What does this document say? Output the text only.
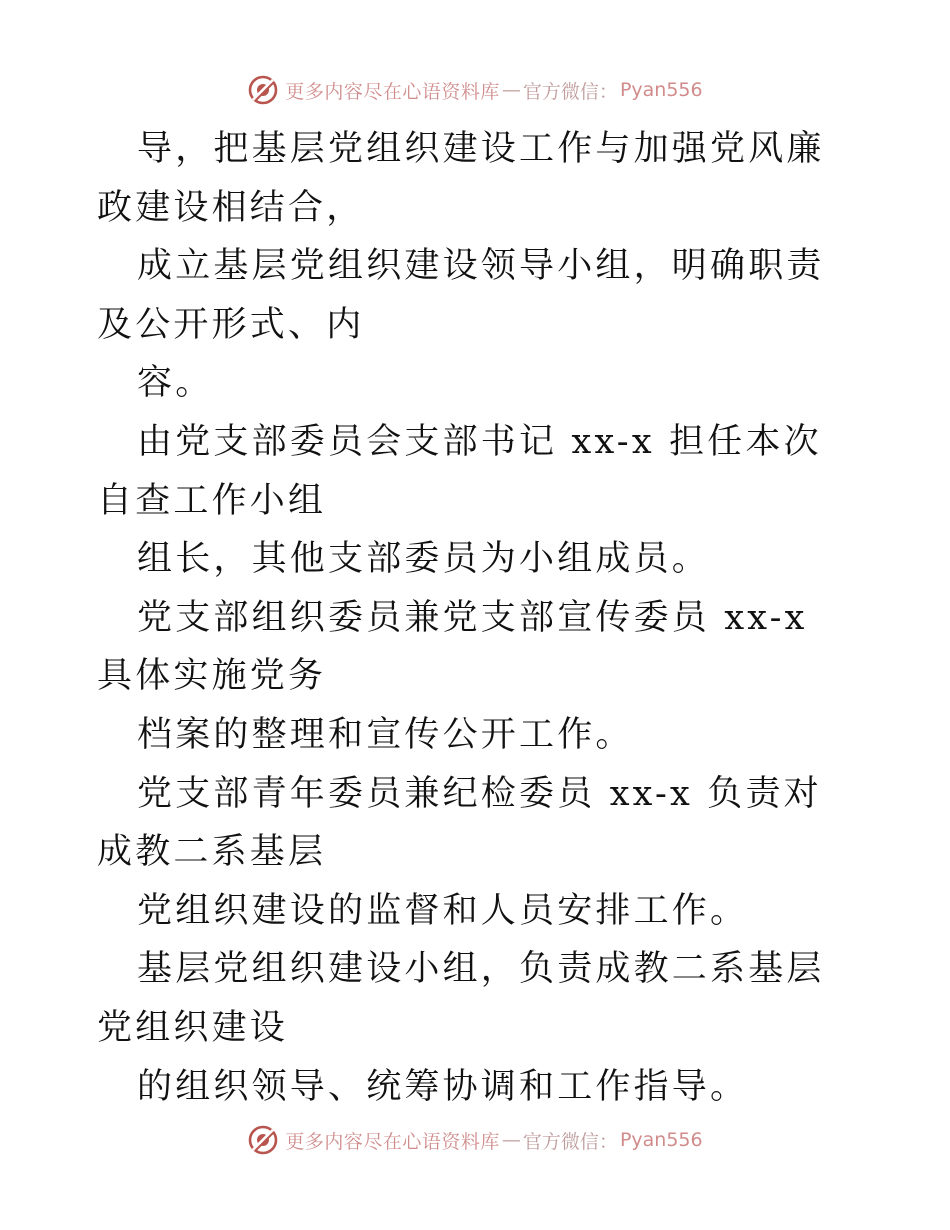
更多内容尽在心语资料库 — 官方微信： Pyan556

导，把基层党组织建设工作与加强党风廉政建设相结合，

成立基层党组织建设领导小组，明确职责及公开形式、内

容。

由党支部委员会支部书记 xx-x 担任本次自查工作小组

组长，其他支部委员为小组成员。

党支部组织委员兼党支部宣传委员 xx-x 具体实施党务

档案的整理和宣传公开工作。

党支部青年委员兼纪检委员 xx-x 负责对成教二系基层

党组织建设的监督和人员安排工作。

基层党组织建设小组，负责成教二系基层党组织建设

的组织领导、统筹协调和工作指导。

更多内容尽在心语资料库 — 官方微信： Pyan556
